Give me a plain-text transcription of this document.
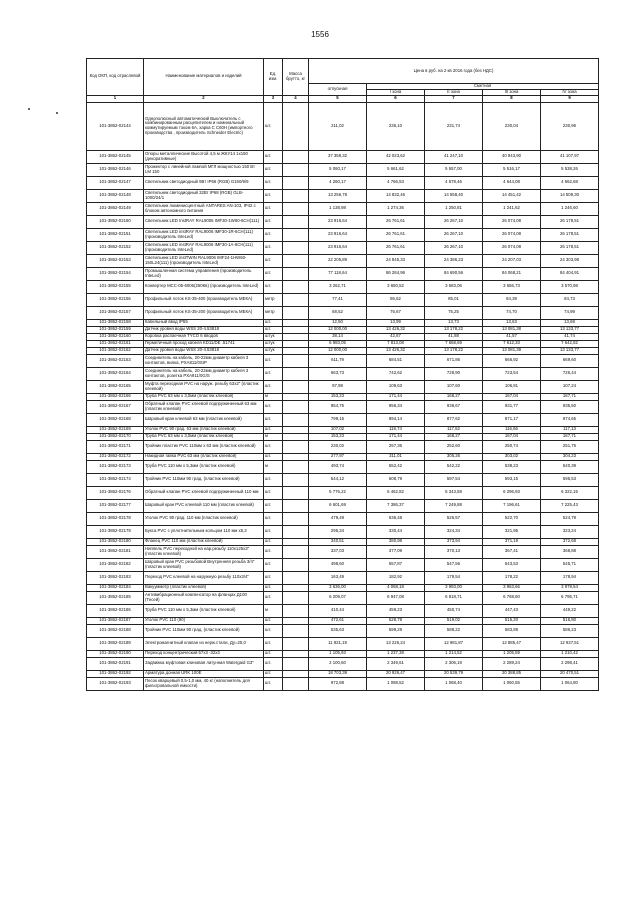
1556
Код ОКП, код отраслевой	Наименование материалов и изделий	Ед. изм.	Масса брутто, кг	Цена в руб. на 2 кв 2016 года (без НДС)				
				отпускная	Сметная			
					I зона	II зона	III зона	IV зона
1	2	3	4	5	6	7	8	9
101-3862-02144	Однополюсный автоматический Выключатель с комбинированным расцепителем и номинальный коммутируемым током 6А, харка С C60H (импортного производства , производитель Schneider Electric)	шт.		211,02	236,10	231,74	230,04	230,96
101-3862-02145	Опоры металлические Высотой 4,5 м ЖКУ14 1х150 (декоративные)	шт.		37 359,32	42 023,62	41 247,10	40 943,90	41 107,97
101-3862-02146	Прожектор с линейной лампой МГЛ мощностью 150 Вт LM 150	шт.		5 060,17	5 661,62	5 557,00	5 516,17	5 538,26
101-3862-02147	Светильник светодиодный 9Вт IP66 (RGB) G150/9/9	шт.		4 260,17	4 766,53	4 678,46	4 644,08	4 662,68
101-3862-02148	Светильник светодиодный 32Вт IP68 (RGB) GLB-1000/24/1	шт.		13 256,78	14 832,46	14 558,40	14 451,42	14 509,30
101-3862-02149	Светильник люминисцентный ANTARES AN-103, IP42 с блоком автономного питания	шт.		1 138,98	1 274,36	1 250,81	1 241,62	1 246,60
101-3862-02150	Светильник LED InstRAY RAL9006 IMF30-1W60-6CH(111)	шт.		23 916,64	26 761,61	26 267,10	26 074,08	26 178,51
101-3862-02151	Светильник LED instRAY RAL9006 IMF30-1R-6CH(111) (производитель InteLed)	шт.		23 916,64	26 761,61	26 267,10	26 074,08	26 178,51
101-3862-02152	Светильник LED instRAY RAL9006 IMF30-1A-6CH(111) (производитель InteLed)	шт.		23 916,64	26 761,61	26 267,10	26 074,08	26 178,51
101-3862-02153	Светильник LED instTWIN RAL9006 IMF24-1HW60-150L24(111) (производитель InteLed)	шт.		22 205,89	24 845,33	24 386,23	24 207,03	24 303,98
101-3862-02154	Промышленная система управления (производитель InteLed)	шт.		77 118,64	86 284,96	84 690,56	84 068,21	84 404,91
101-3862-02155	Конвертер MCC-05-6006(250Кв) (производитель InteLed)	шт.		3 262,71	3 650,52	3 583,06	3 556,73	3 570,98
101-3862-02156	Профильный лоток KS-35-400 (производитель МЕКА)	метр		77,41	86,62	85,01	84,39	84,73
101-3862-02157	Профильный лоток KS-35-200 (производитель МЕКА)	метр		68,52	76,67	75,25	74,70	74,99
101-3862-02158	Кабельный ввод IP55	шт.		12,50	13,99	13,73	13,63	13,68
101-3862-02159	Датчик уровня воды WSS 20-4.53818	шт.		12 000,00	13 426,32	13 178,22	13 081,38	13 133,77
101-3862-02160	Коробка распаечная TYCO 6 вводов	штук		38,14	42,67	41,88	41,57	41,74
101-3862-02161	Герметичный проход кабеля KD11/DE .51741	штук		6 983,05	7 813,08	7 668,69	7 612,33	7 642,82
101-3862-02162	Датчик уровня воды WSS 20-4.53818	штук		12 000,00	13 426,32	13 178,22	13 081,38	13 133,77
101-3862-02163	Соединитель на кабель, 20-22мм диаметр кабеля 3 контактов, вилка, PXA811/0SIP	шт.		611,79	684,51	671,86	666,92	669,60
101-3862-02164	Соединитель на кабель, 20-22мм диаметр кабеля 3 контактов, розетка PXA911/0G/S	шт.		663,73	742,62	728,90	723,54	726,44
101-3862-02165	Муфта переходная PVC на наруж. резьбу 63х2" (пластик клеевой)	шт.		97,98	109,63	107,60	106,81	107,24
101-3862-02166	Труба PVC 63 мм х 3,0мм (пластик клеевой)	м		153,23	171,44	168,27	167,04	167,71
101-3862-02167	Обратный клапан PVC клеевой подпружиненный 63 мм (пластик клеевой)	шт.		854,75	956,34	938,67	931,77	935,50
101-3862-02168	Шаровый кран клеевой 63 мм (пластик клеевой)	шт.		799,15	894,14	877,62	871,17	874,65
101-3862-02169	Уголок PVC 90 град. 63 мм (пластик клеевой)	шт.		107,02	119,74	117,52	116,66	117,13
101-3862-02170	Труба PVC 63 мм х 3,0мм (пластик клеевой)	м		153,23	171,44	168,27	167,04	167,71
101-3862-02171	Тройник пластик PVC 110мм х 63 мм (пластик клеевой)	шт.		230,02	257,36	252,60	250,74	251,75
101-3862-02172	Накидная гайка PVC 63 мм (пластик клеевой)	шт.		277,97	311,01	305,26	303,02	304,23
101-3862-02173	Труба PVC 110 мм х 5,3мм (пластик клеевой)	м		493,74	552,42	542,22	538,23	540,39
101-3862-02174	Тройник PVC 110мм 90 град. (пластик клеевой)	шт.		544,12	608,79	597,54	593,15	595,53
101-3862-02176	Обратный клапан PVC клеевой подпружиненный 110 мм	шт.		5 776,22	6 462,82	6 343,58	6 296,93	6 322,15
101-3862-02177	Шаровый кран PVC клеевой 110 мм (пластик клеевой)	шт.		6 601,69	7 386,37	7 249,88	7 196,61	7 225,43
101-3862-02178	Уголок PVC 90 град. 110 мм (пластик клеевой)	шт.		479,49	536,48	526,57	522,70	524,79
101-3862-02179	Букса PVC с уплотнительным кольцом 110 мм х5,3	шт.		295,34	330,44	324,34	321,95	323,24
101-3862-02180	Фланец PVC 110 мм (пластик клеевой)	шт.		340,51	380,98	373,94	371,19	372,68
101-3862-02181	Ниппель PVC переходной на нар.резьбу 110х125х3" (пластик клеевой)	шт.		337,03	377,09	370,13	367,41	368,88
101-3862-02182	Шаровый кран PVC резьбовой Внутренняя резьба 3/4" (пластик клеевой)	шт.		498,60	557,87	547,56	543,53	545,71
101-3862-02183	Переход PVC клеевой на наружную резьбу 110х3/4"	шт.		163,49	182,92	179,54	178,22	178,94
101-3862-02184	Вакуумметр (пластик клеевой)	шт.		3 636,00	4 068,18	3 993,00	3 963,66	3 979,54
101-3862-02185	Антивибрационный компенсатор на фланцах Д100 (Тесей)	шт.		6 209,07	6 947,08	6 818,71	6 768,60	6 795,71
101-3862-02186	Труба PVC 110 мм х 5,3мм (пластик клеевой)	м		410,44	459,23	450,74	447,43	449,22
101-3862-02187	Уголок PVC 110 (90)	шт.		472,61	528,78	519,02	515,20	516,80
101-3862-02188	Тройник PVC 110мм 90 град. (пластик клеевой)	шт.		535,63	599,29	588,22	583,89	586,23
101-3862-02189	Электромагнитный клапан из нерж.стали, Ду=25,0	шт.		11 821,19	13 226,24	12 981,87	12 886,47	12 937,51
101-3862-02190	Переход концентрический 57х3 -32х3	шт.		1 105,93	1 237,38	1 214,52	1 205,59	1 210,42
101-3862-02191	Задвижка муфтовая клиновая латунная Watergaid G3"	шт.		2 100,60	2 349,61	2 306,19	2 289,24	2 298,41
101-3862-02192	Арматура донная URK 100E	шт.		18 703,39	20 926,47	20 539,79	20 388,85	20 470,51
101-3862-02193	Песок кварцевый 0,5-1,0 мм, 40 кг (наполнитель для фильтровальной емкости)	шт.		972,88	1 088,52	1 068,40	1 060,55	1 064,80
